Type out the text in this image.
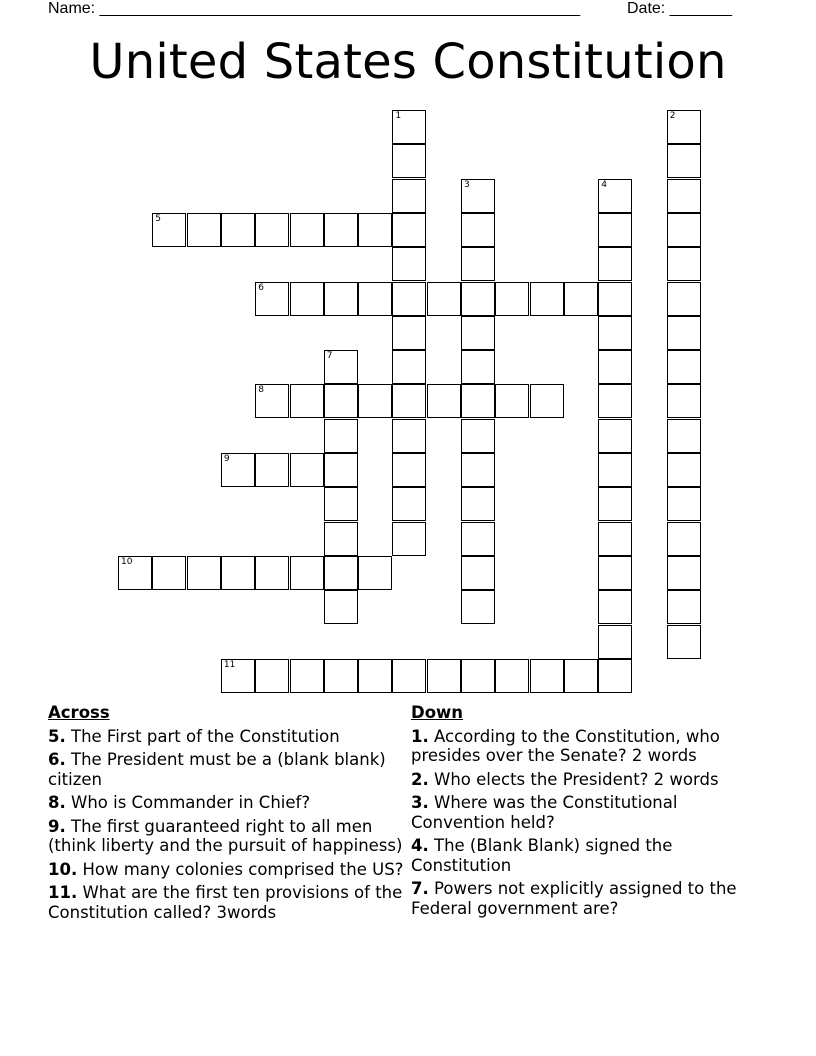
Name: ______________________________________________________	Date: _______
United States Constitution
1	2
3	4
5
6
7
8
9
10
11
Across
5. The First part of the Constitution
6. The President must be a (blank blank) citizen
8. Who is Commander in Chief?
9. The first guaranteed right to all men (think liberty and the pursuit of happiness)
10. How many colonies comprised the US?
11. What are the first ten provisions of the Constitution called? 3words
Down
1. According to the Constitution, who presides over the Senate? 2 words
2. Who elects the President? 2 words
3. Where was the Constitutional Convention held?
4. The (Blank Blank) signed the Constitution
7. Powers not explicitly assigned to the Federal government are?
